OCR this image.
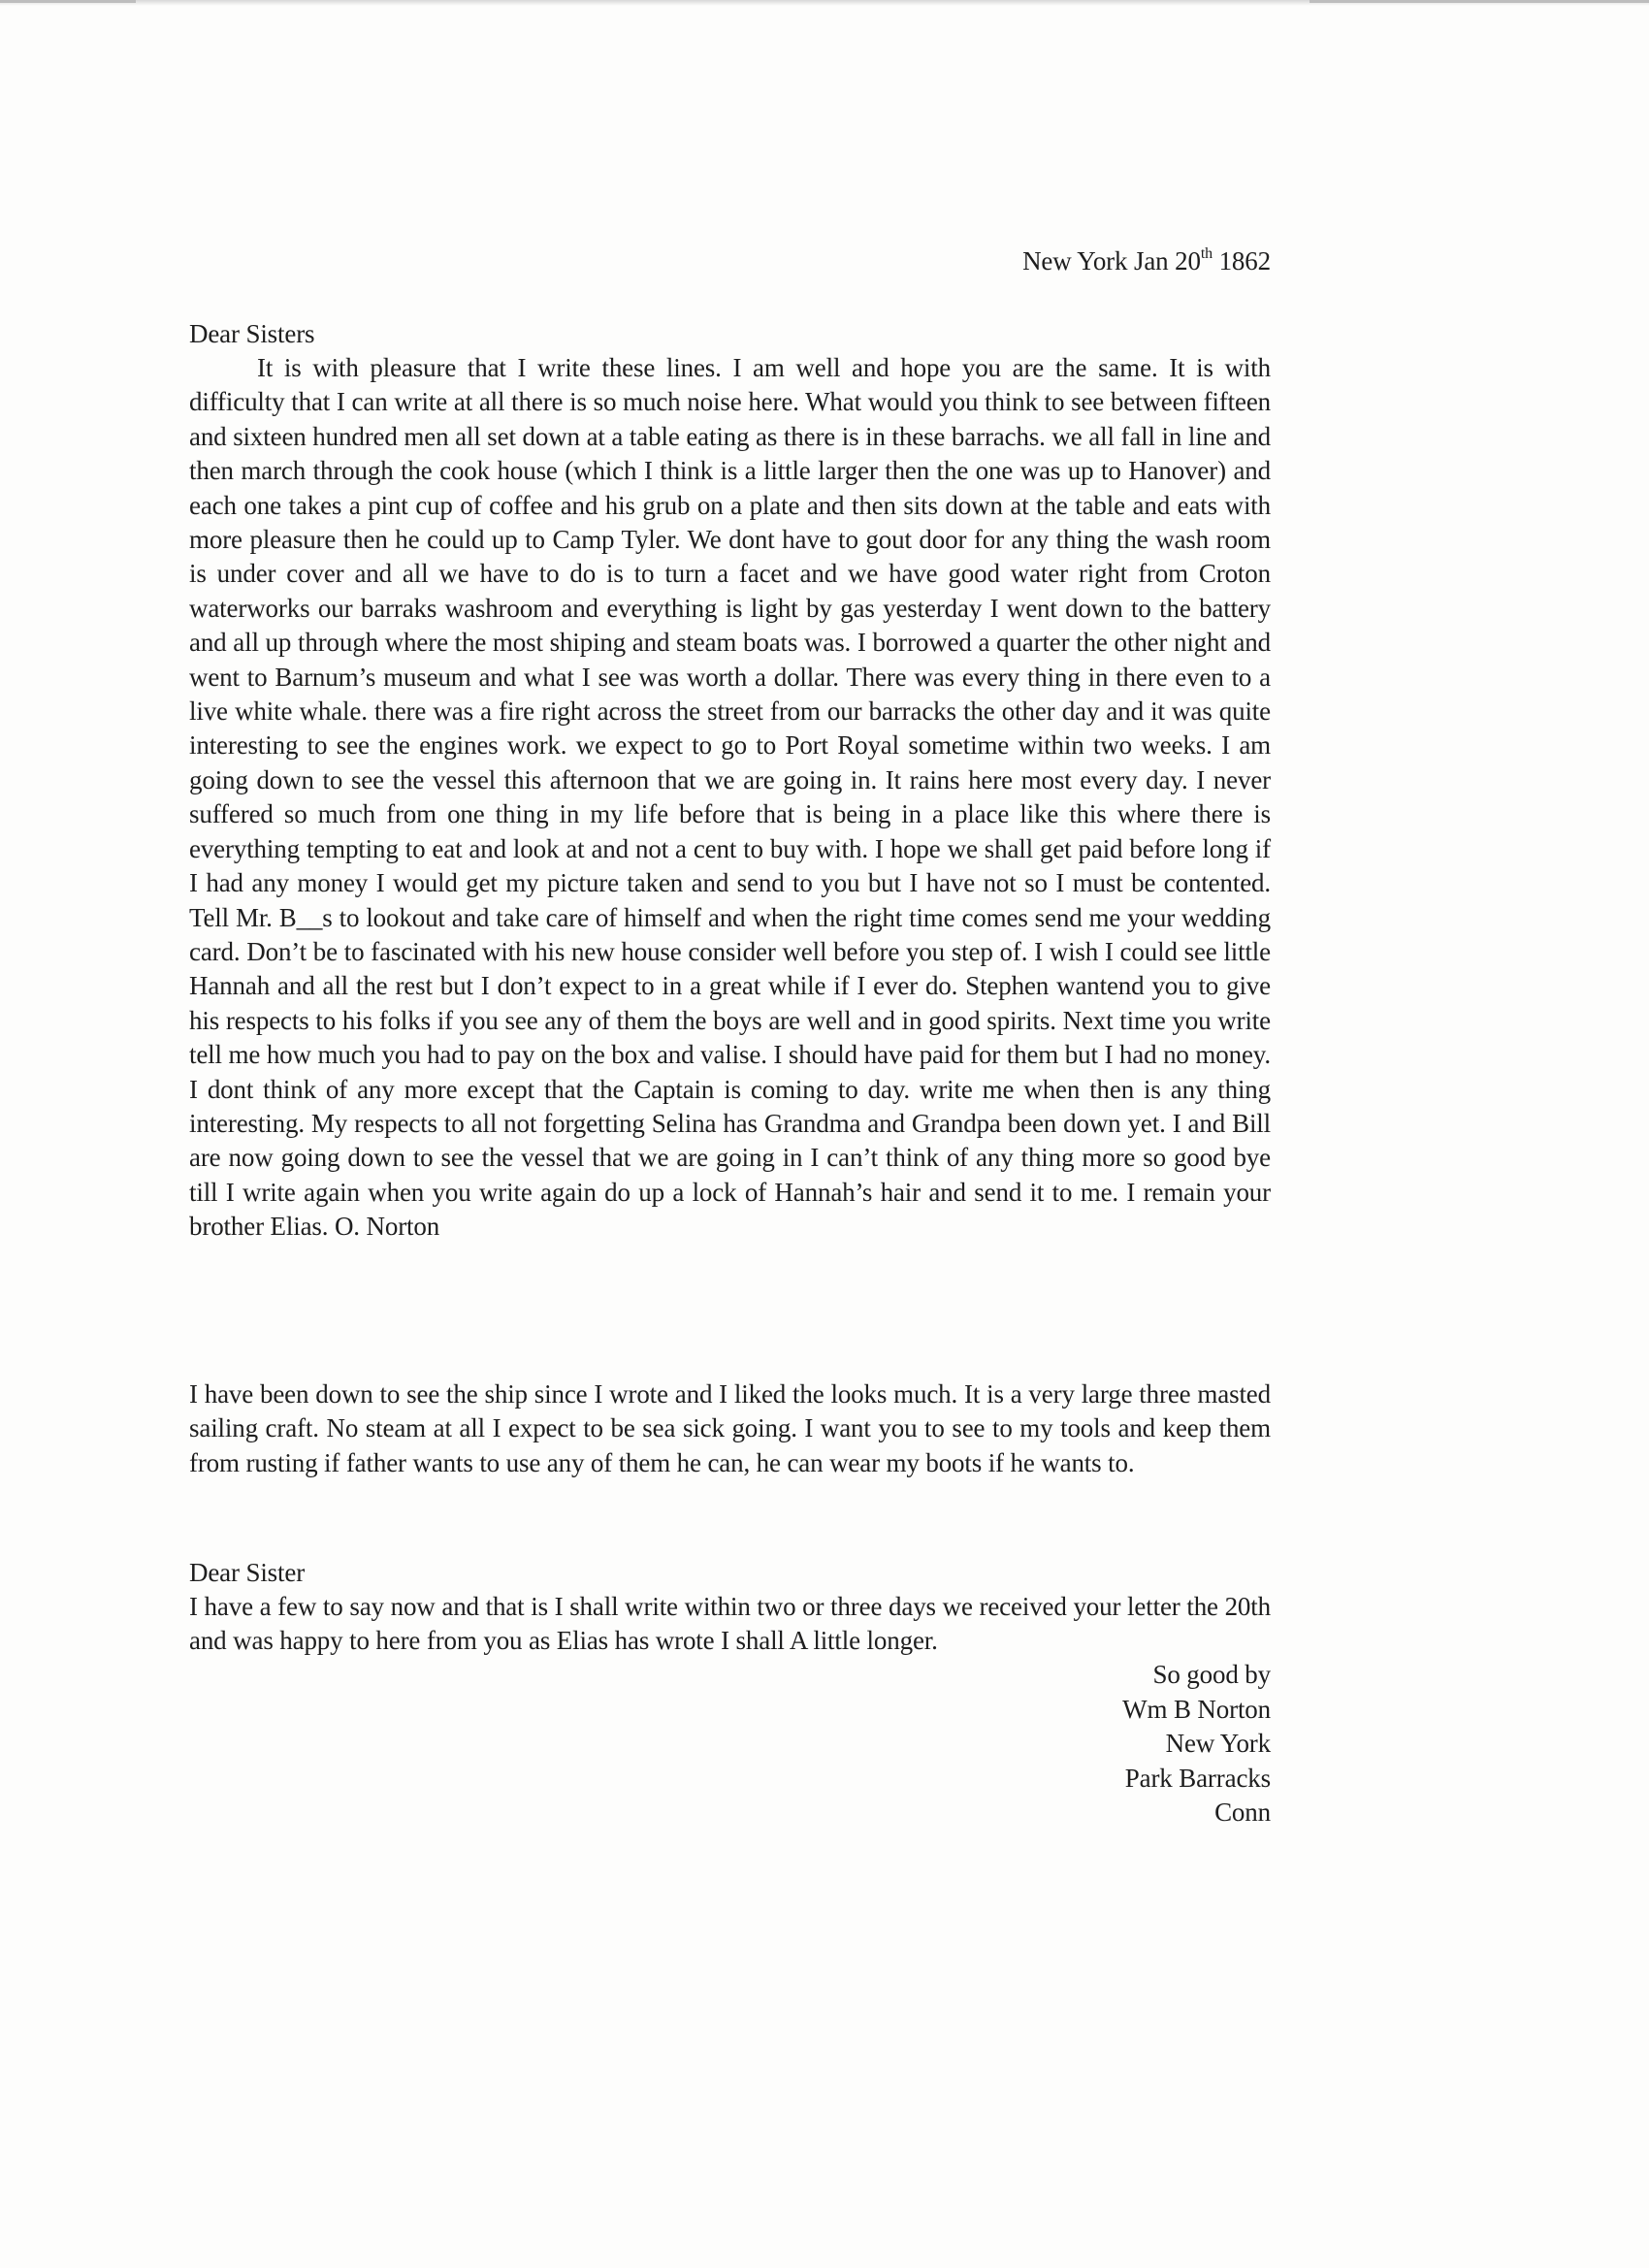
New York Jan 20th 1862
Dear Sisters

It is with pleasure that I write these lines. I am well and hope you are the same. It is with difficulty that I can write at all there is so much noise here. What would you think to see between fifteen and sixteen hundred men all set down at a table eating as there is in these barrachs. we all fall in line and then march through the cook house (which I think is a little larger then the one was up to Hanover) and each one takes a pint cup of coffee and his grub on a plate and then sits down at the table and eats with more pleasure then he could up to Camp Tyler. We dont have to gout door for any thing the wash room is under cover and all we have to do is to turn a facet and we have good water right from Croton waterworks our barraks washroom and everything is light by gas yesterday I went down to the battery and all up through where the most shiping and steam boats was. I borrowed a quarter the other night and went to Barnum’s museum and what I see was worth a dollar. There was every thing in there even to a live white whale. there was a fire right across the street from our barracks the other day and it was quite interesting to see the engines work. we expect to go to Port Royal sometime within two weeks. I am going down to see the vessel this afternoon that we are going in. It rains here most every day. I never suffered so much from one thing in my life before that is being in a place like this where there is everything tempting to eat and look at and not a cent to buy with. I hope we shall get paid before long if I had any money I would get my picture taken and send to you but I have not so I must be contented. Tell Mr. B__s to lookout and take care of himself and when the right time comes send me your wedding card. Don’t be to fascinated with his new house consider well before you step of. I wish I could see little Hannah and all the rest but I don’t expect to in a great while if I ever do. Stephen wantend you to give his respects to his folks if you see any of them the boys are well and in good spirits. Next time you write tell me how much you had to pay on the box and valise. I should have paid for them but I had no money. I dont think of any more except that the Captain is coming to day. write me when then is any thing interesting. My respects to all not forgetting Selina has Grandma and Grandpa been down yet. I and Bill are now going down to see the vessel that we are going in I can’t think of any thing more so good bye till I write again when you write again do up a lock of Hannah’s hair and send it to me. I remain your brother Elias. O. Norton

I have been down to see the ship since I wrote and I liked the looks much. It is a very large three masted sailing craft. No steam at all I expect to be sea sick going. I want you to see to my tools and keep them from rusting if father wants to use any of them he can, he can wear my boots if he wants to.

Dear Sister

I have a few to say now and that is I shall write within two or three days we received your letter the 20th and was happy to here from you as Elias has wrote I shall A little longer.

So good by
Wm B Norton
New York
Park Barracks
Conn
